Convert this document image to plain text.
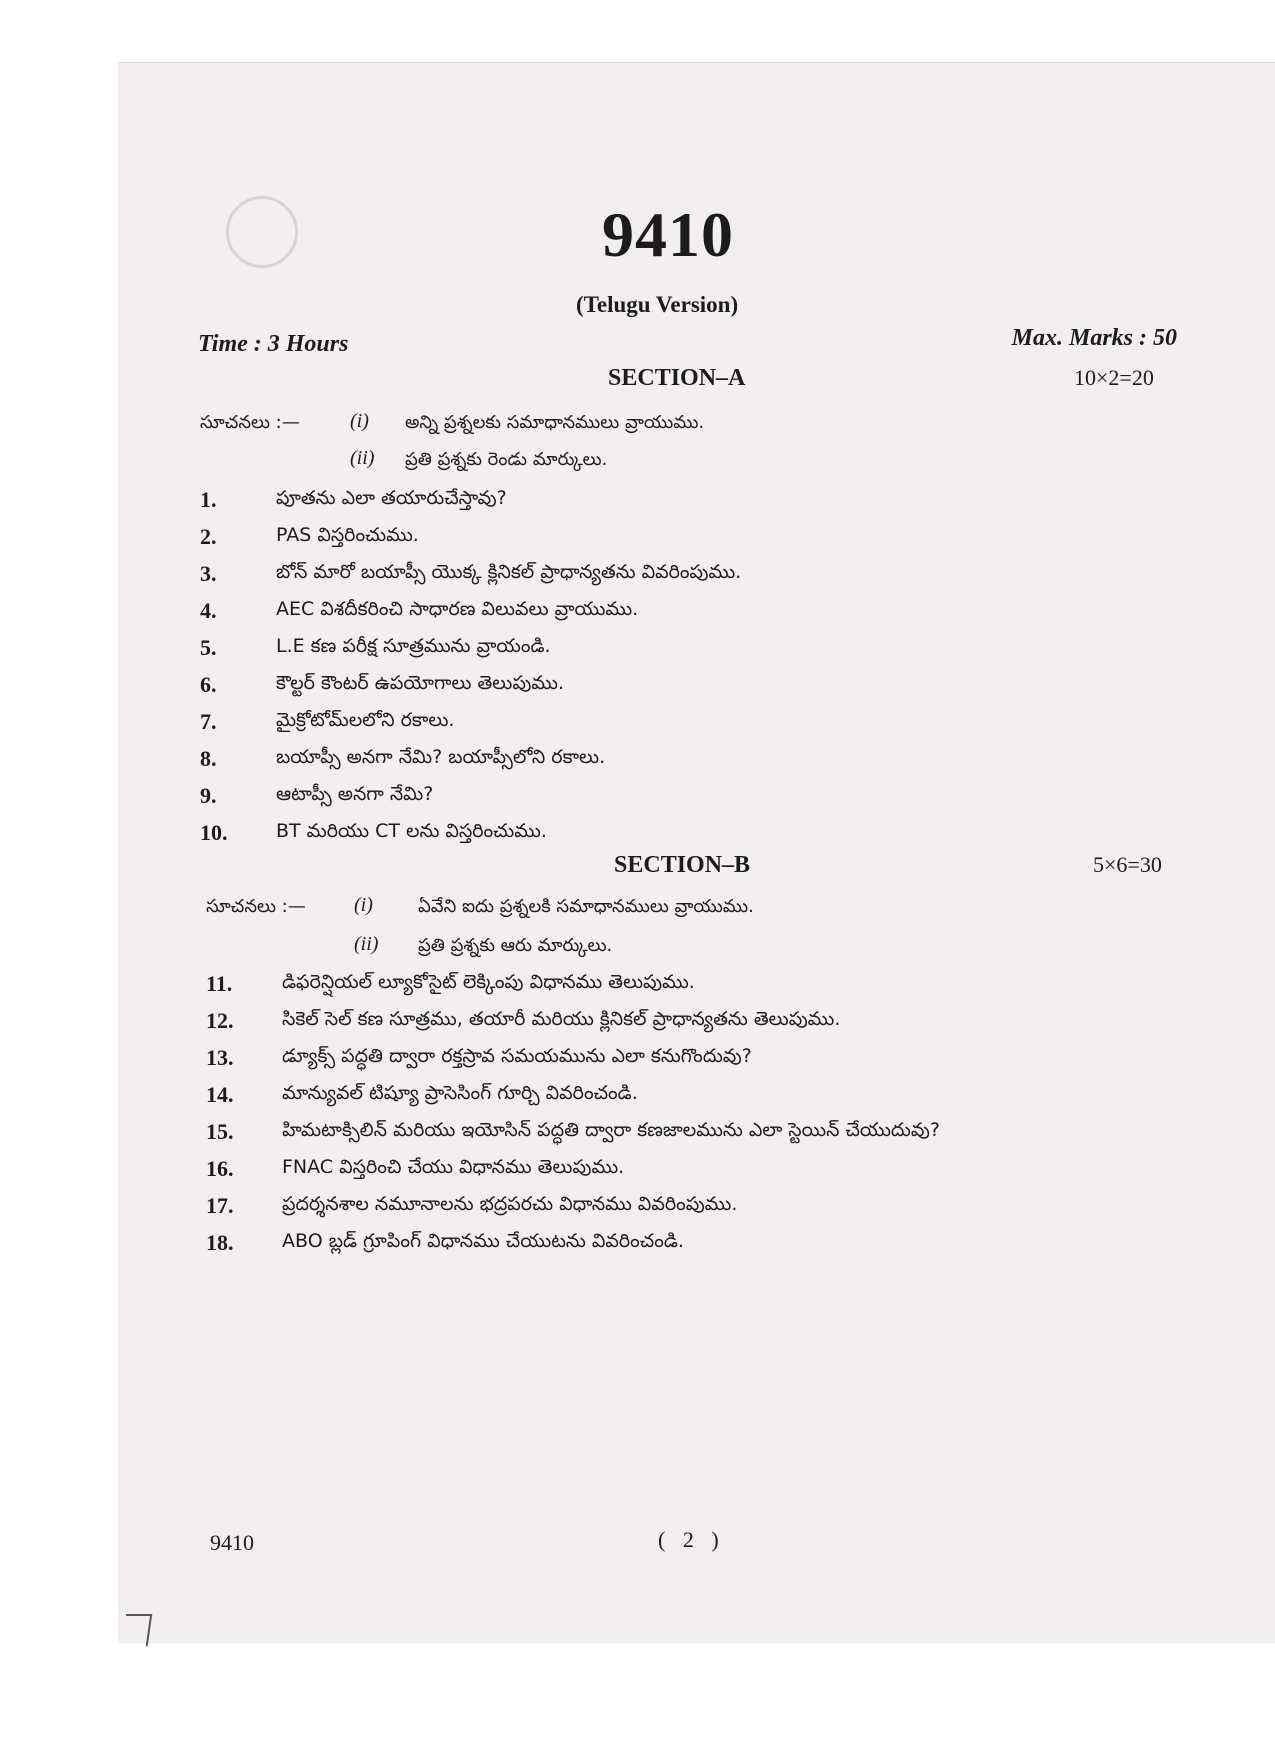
9410
(Telugu Version)
Time : 3 Hours	Max. Marks : 50
SECTION–A	10×2=20
సూచనలు :—	(i) అన్ని ప్రశ్నలకు సమాధానములు వ్రాయుము.
(ii) ప్రతి ప్రశ్నకు రెండు మార్కులు.
1.	పూతను ఎలా తయారుచేస్తావు?
2.	PAS విస్తరించుము.
3.	బోన్ మారో బయాప్సీ యొక్క క్లినికల్ ప్రాధాన్యతను వివరింపుము.
4.	AEC విశదీకరించి సాధారణ విలువలు వ్రాయుము.
5.	L.E కణ పరీక్ష సూత్రమును వ్రాయండి.
6.	కౌల్టర్ కౌంటర్ ఉపయోగాలు తెలుపుము.
7.	మైక్రోటోమ్‌లలోని రకాలు.
8.	బయాప్సీ అనగా నేమి? బయాప్సీలోని రకాలు.
9.	ఆటాప్సీ అనగా నేమి?
10.	BT మరియు CT లను విస్తరించుము.
SECTION–B	5×6=30
సూచనలు :— (i)	ఏవేని ఐదు ప్రశ్నలకి సమాధానములు వ్రాయుము.
(ii) ప్రతి ప్రశ్నకు ఆరు మార్కులు.
11.	డిఫరెన్షియల్ ల్యూకోసైట్ లెక్కింపు విధానము తెలుపుము.
12.	సికెల్ సెల్ కణ సూత్రము, తయారీ మరియు క్లినికల్ ప్రాధాన్యతను తెలుపుము.
13.	డ్యూక్స్ పద్ధతి ద్వారా రక్తస్రావ సమయమును ఎలా కనుగొందువు?
14.	మాన్యువల్ టిష్యూ ప్రాసెసింగ్ గూర్చి వివరించండి.
15.	హిమటాక్సిలిన్ మరియు ఇయోసిన్ పద్ధతి ద్వారా కణజాలమును ఎలా స్టెయిన్ చేయుదువు?
16.	FNAC విస్తరించి చేయు విధానము తెలుపుము.
17.	ప్రదర్శనశాల నమూనాలను భద్రపరచు విధానము వివరింపుము.
18.	ABO బ్లడ్ గ్రూపింగ్ విధానము చేయుటను వివరించండి.
9410	( 2 )
